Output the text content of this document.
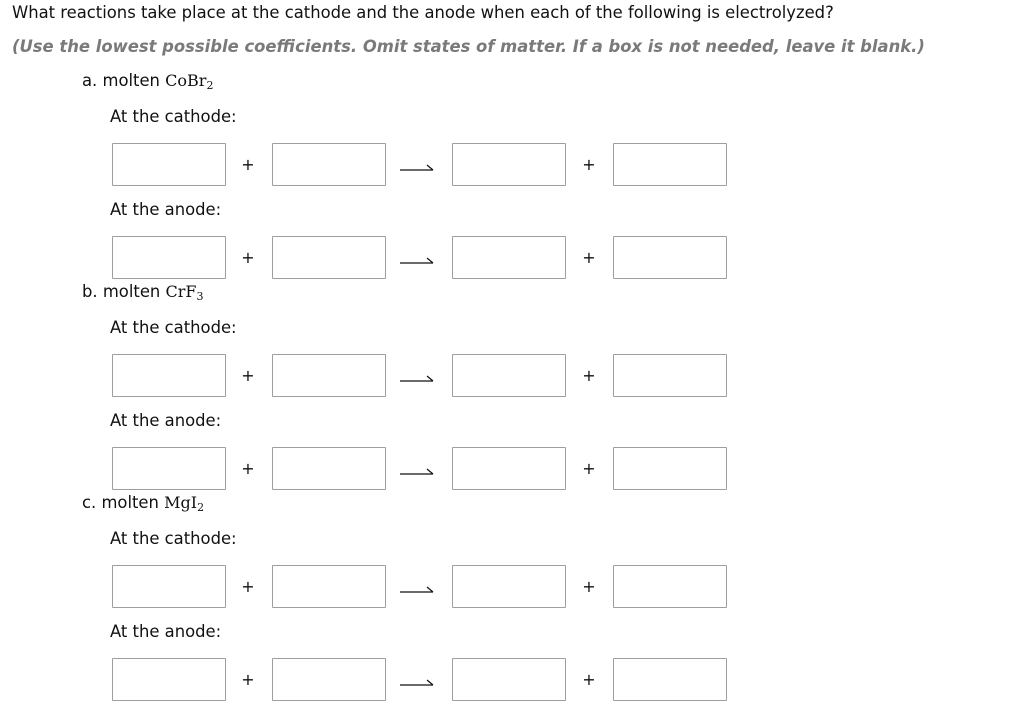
What reactions take place at the cathode and the anode when each of the following is electrolyzed?
(Use the lowest possible coefficients. Omit states of matter. If a box is not needed, leave it blank.)
a. molten CoBr$_2$
At the cathode:
+	+
At the anode:
+	+
b. molten CrF$_3$
At the cathode:
+	+
At the anode:
+	+
c. molten MgI$_2$
At the cathode:
+	+
At the anode:
+	+
